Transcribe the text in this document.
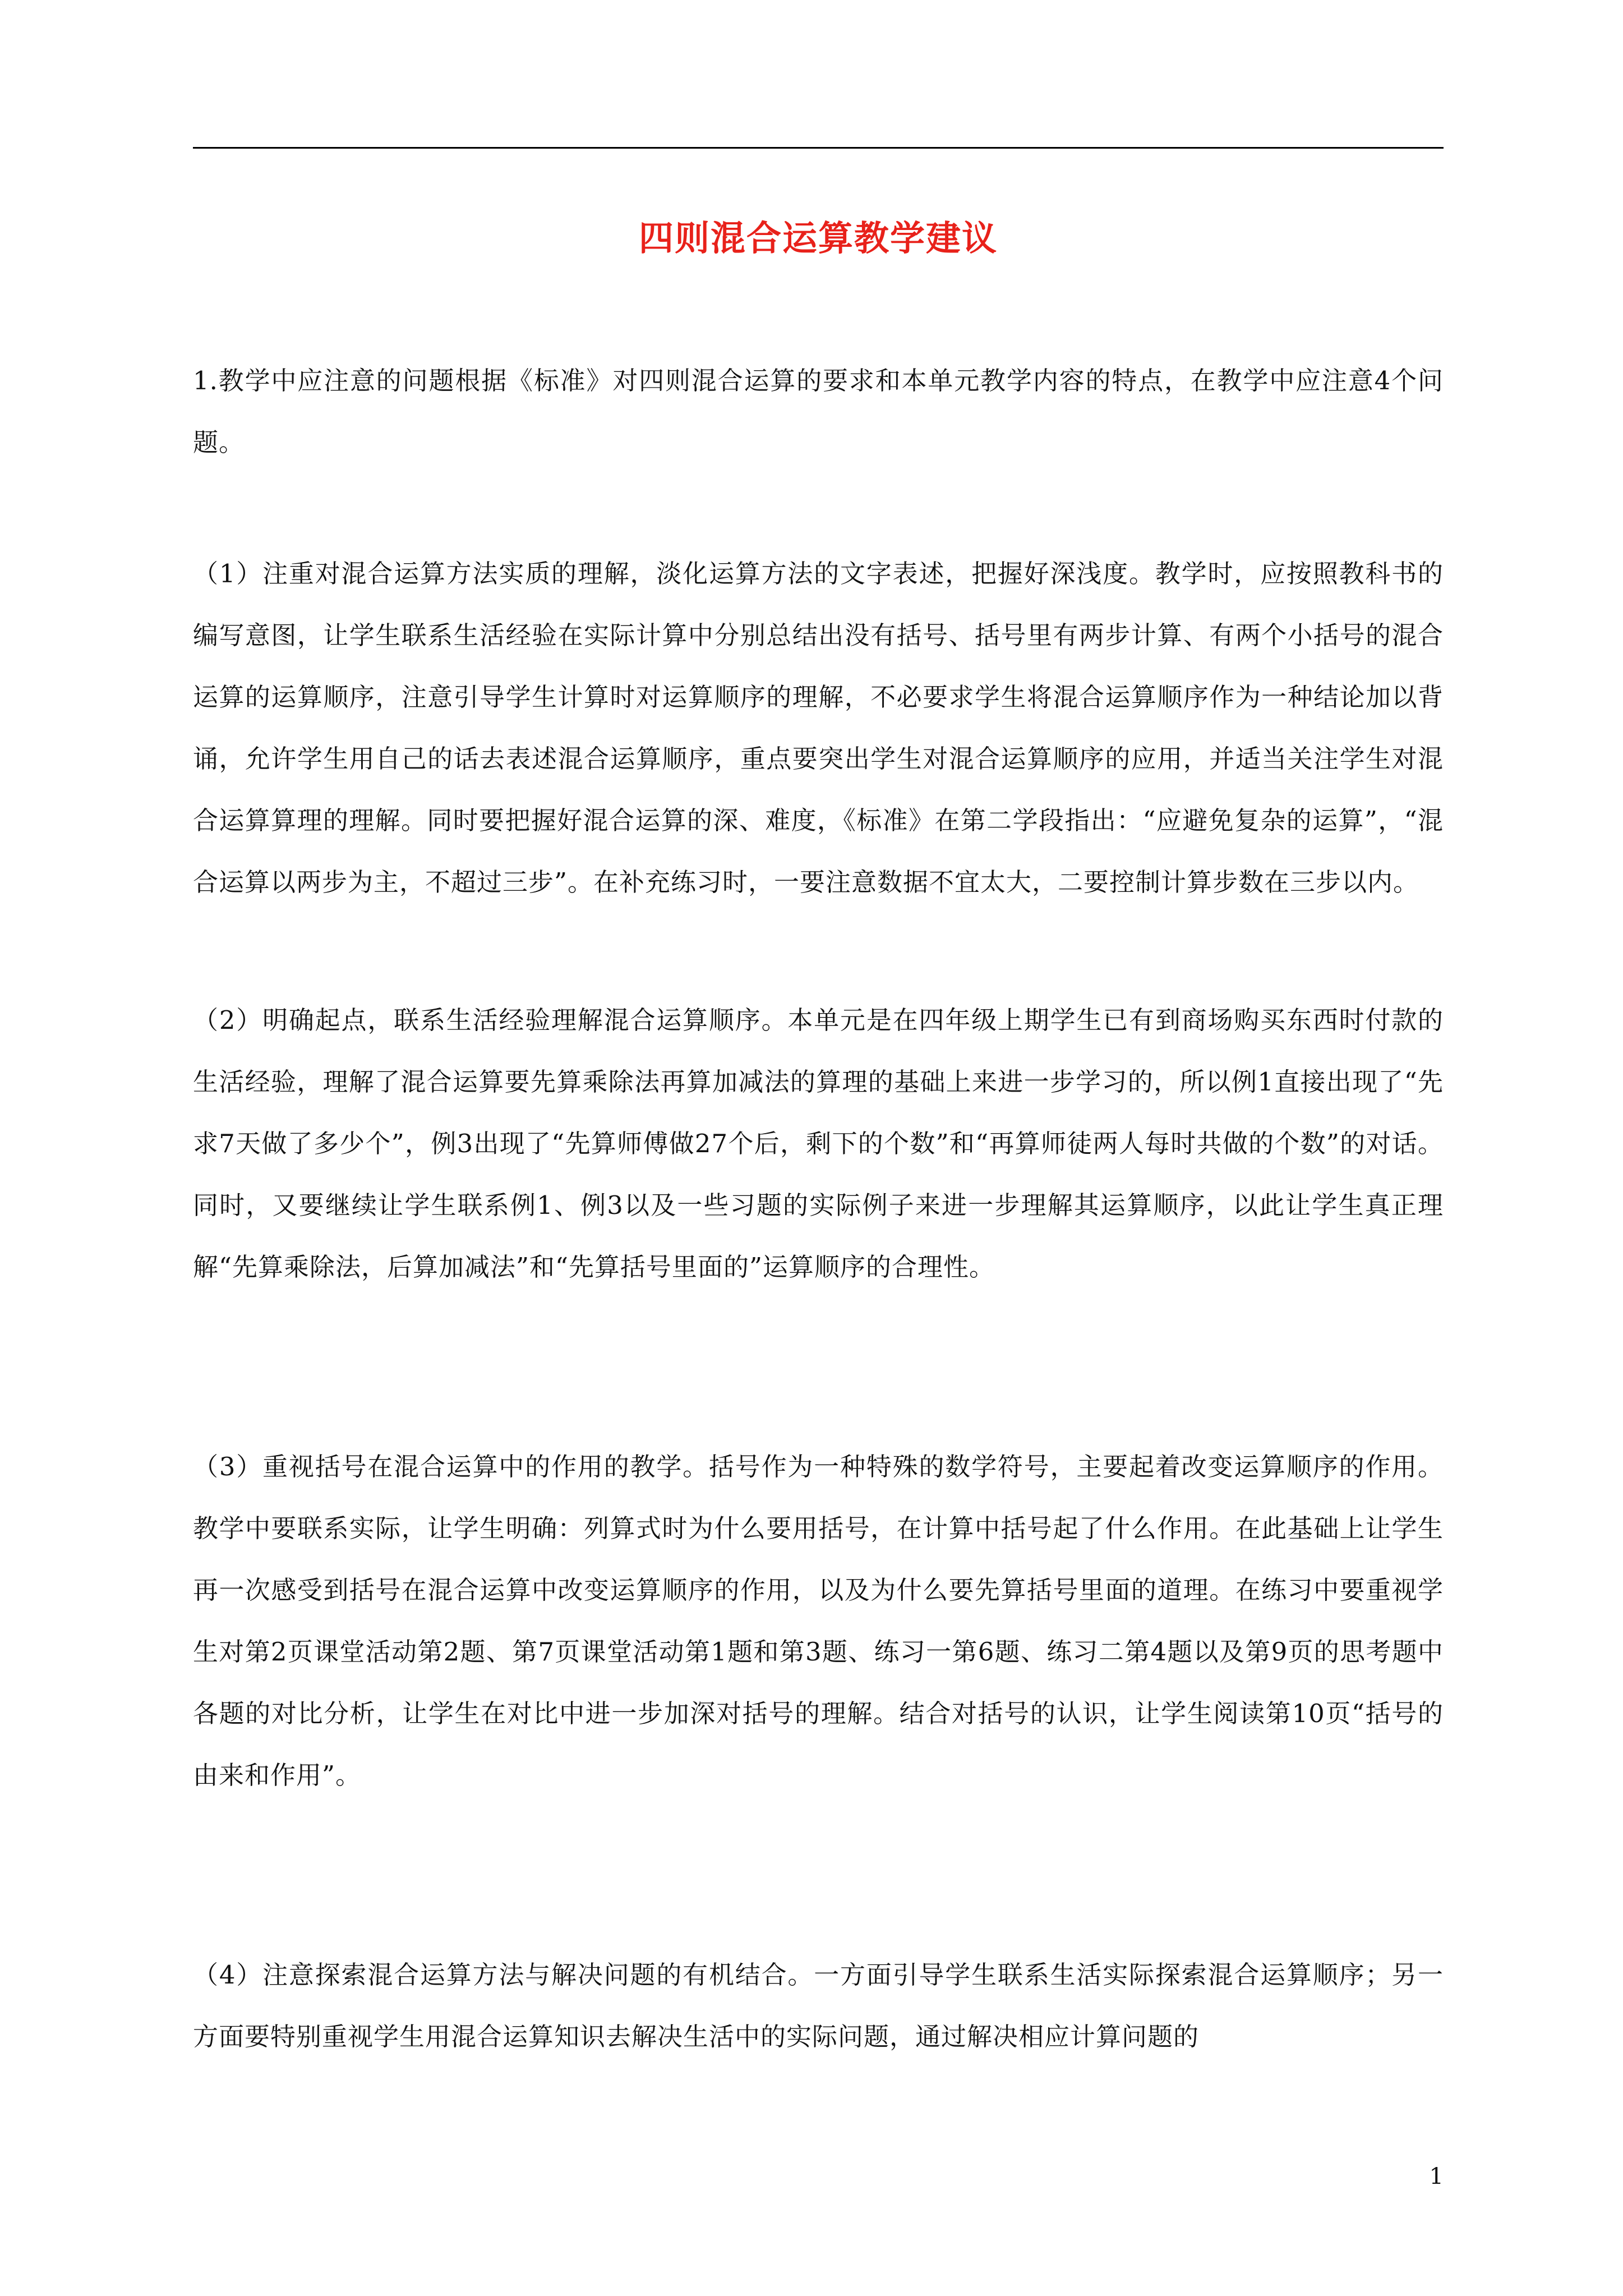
四则混合运算教学建议

1.教学中应注意的问题根据《标准》对四则混合运算的要求和本单元教学内容的特点，在教学中应注意4个问题。

（1）注重对混合运算方法实质的理解，淡化运算方法的文字表述，把握好深浅度。教学时，应按照教科书的编写意图，让学生联系生活经验在实际计算中分别总结出没有括号、括号里有两步计算、有两个小括号的混合运算的运算顺序，注意引导学生计算时对运算顺序的理解，不必要求学生将混合运算顺序作为一种结论加以背诵，允许学生用自己的话去表述混合运算顺序，重点要突出学生对混合运算顺序的应用，并适当关注学生对混合运算算理的理解。同时要把握好混合运算的深、难度，《标准》在第二学段指出：“应避免复杂的运算”，“混合运算以两步为主，不超过三步”。在补充练习时，一要注意数据不宜太大，二要控制计算步数在三步以内。

（2）明确起点，联系生活经验理解混合运算顺序。本单元是在四年级上期学生已有到商场购买东西时付款的生活经验，理解了混合运算要先算乘除法再算加减法的算理的基础上来进一步学习的，所以例1直接出现了“先求7天做了多少个”，例3出现了“先算师傅做27个后，剩下的个数”和“再算师徒两人每时共做的个数”的对话。同时，又要继续让学生联系例1、例3以及一些习题的实际例子来进一步理解其运算顺序，以此让学生真正理解“先算乘除法，后算加减法”和“先算括号里面的”运算顺序的合理性。

（3）重视括号在混合运算中的作用的教学。括号作为一种特殊的数学符号，主要起着改变运算顺序的作用。教学中要联系实际，让学生明确：列算式时为什么要用括号，在计算中括号起了什么作用。在此基础上让学生再一次感受到括号在混合运算中改变运算顺序的作用，以及为什么要先算括号里面的道理。在练习中要重视学生对第2页课堂活动第2题、第7页课堂活动第1题和第3题、练习一第6题、练习二第4题以及第9页的思考题中各题的对比分析，让学生在对比中进一步加深对括号的理解。结合对括号的认识，让学生阅读第10页“括号的由来和作用”。

（4）注意探索混合运算方法与解决问题的有机结合。一方面引导学生联系生活实际探索混合运算顺序；另一方面要特别重视学生用混合运算知识去解决生活中的实际问题，通过解决相应计算问题的

1
